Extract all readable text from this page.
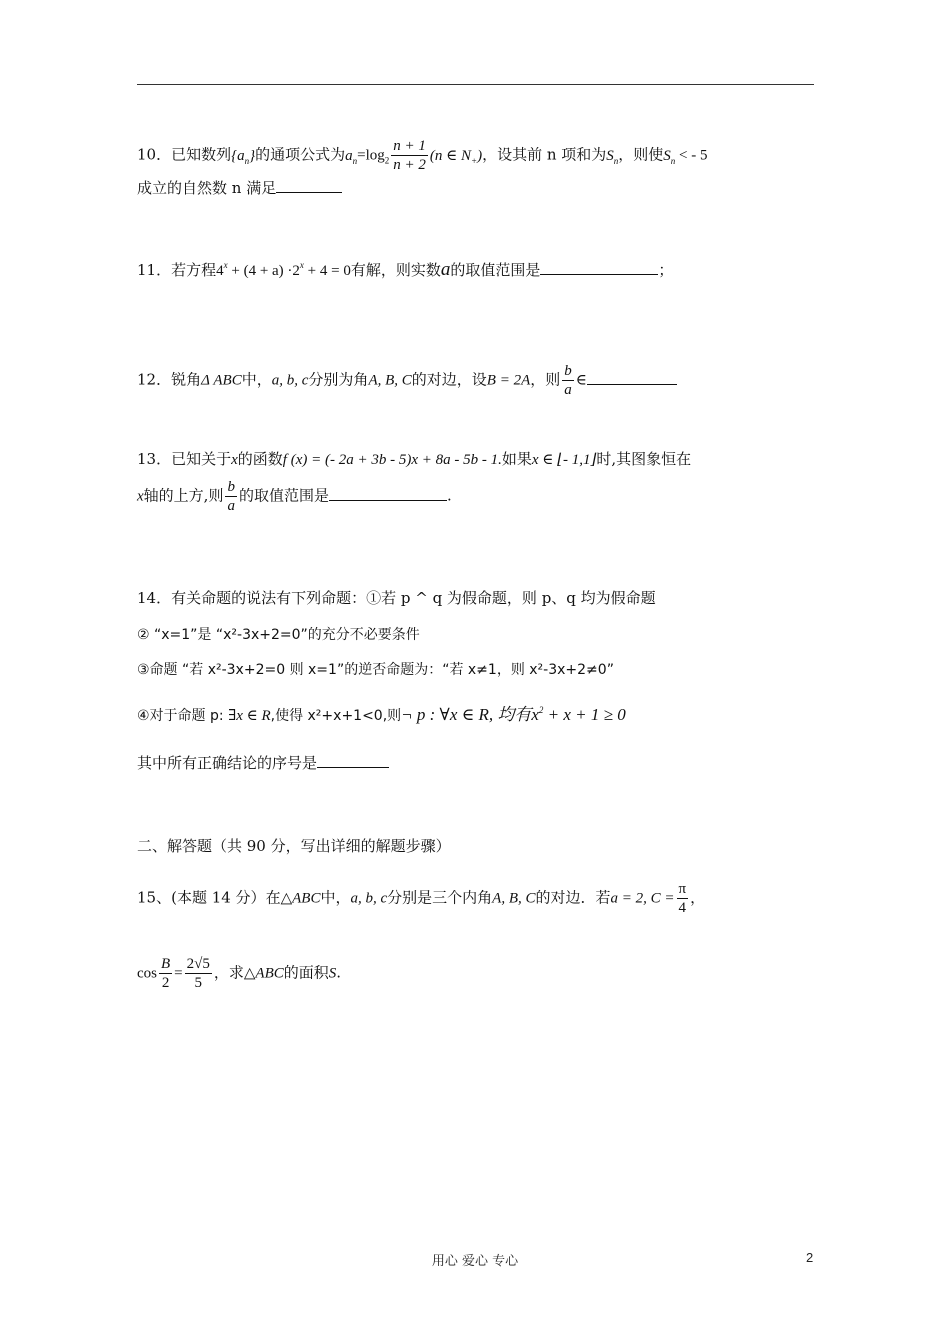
10．已知数列$\{a_n\}$的通项公式为$a_n=\log_2 \frac{n + 1}{n + 2} (n$ ∈ $N_+$)，设其前 n 项和为$S_n$，则使$S_n$ < - 5
成立的自然数 n 满足
11．若方程$4^x + (4 + a) \cdot 2^x + 4 = 0$有解，则实数a的取值范围是	；
12．锐角Δ ABC中，a, b, c分别为角A, B, C的对边，设B = 2A，则 $\frac{b}{a}$ ∈
13．已知关于x的函数f (x) = (- 2a + 3b - 5)x + 8a - 5b - 1.如果x ∈ ⌊- 1,1⌋时,其图象恒在
x轴的上方,则 $\frac{b}{a}$ 的取值范围是	.
14．有关命题的说法有下列命题：①若 p ^ q 为假命题，则 p、q 均为假命题
② “x=1”是 “x²-3x+2=0”的充分不必要条件
③命题 “若 x²-3x+2=0 则 x=1”的逆否命题为：“若 x≠1，则 x²-3x+2≠0”
④对于命题 p: ∃x ∈ R,使得 x²+x+1<0,则¬ p : ∀x ∈ R, 均有$x^2 + x + 1 \ge 0$
其中所有正确结论的序号是
二、解答题（共 90 分，写出详细的解题步骤）
15、(本题 14 分）在△ABC中，a, b, c分别是三个内角A, B, C的对边．若a = 2, $C = \frac{\pi}{4}$ ，
$\cos \frac{B}{2} = \frac{2√5}{5}$ ，求△ABC的面积S.
用心 爱心 专心	2
